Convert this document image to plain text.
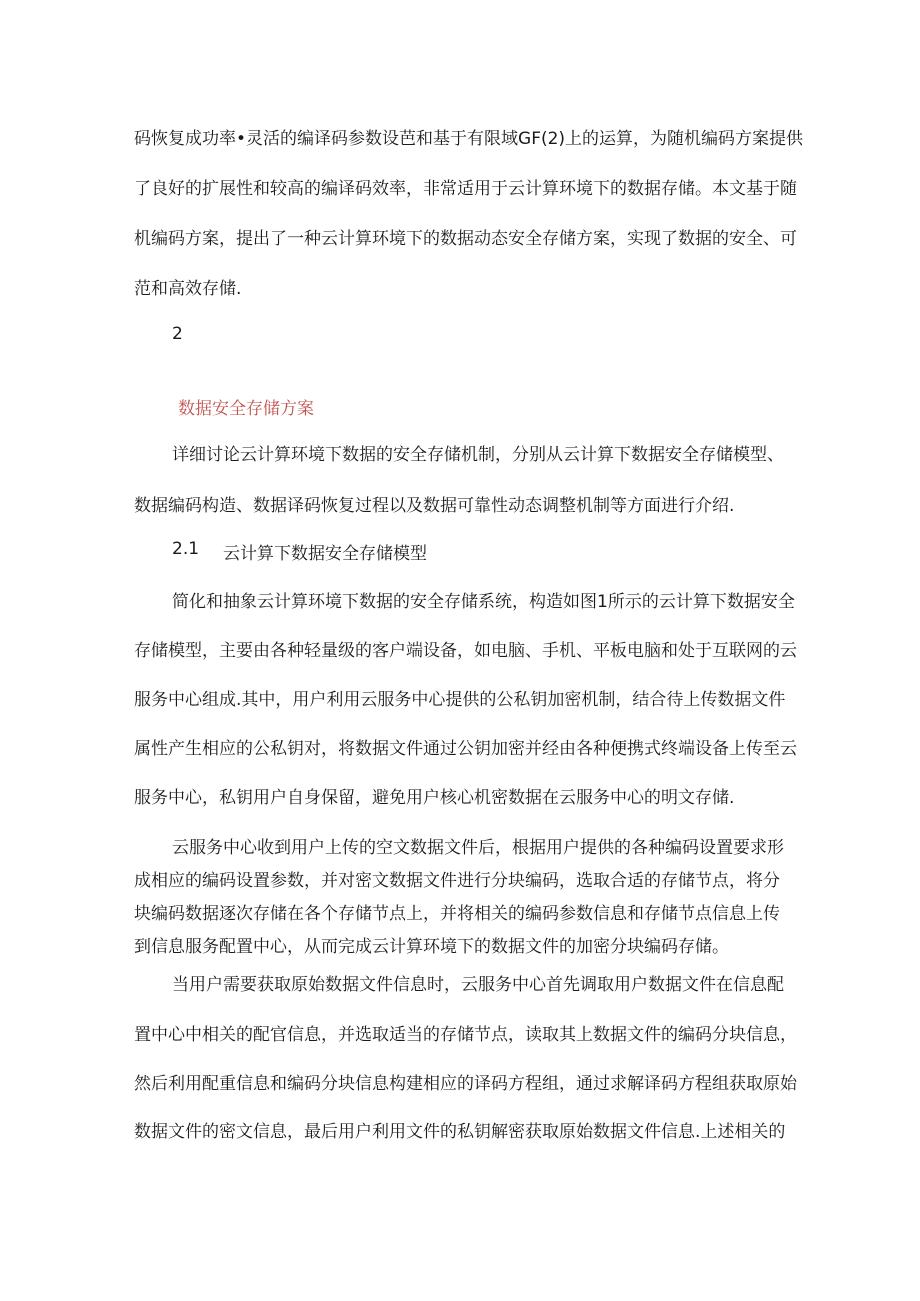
码恢复成功率•灵活的编译码参数设芭和基于有限域GF(2)上的运算，为随机编码方案提供
了良好的扩展性和较高的编译码效率，非常适用于云计算环境下的数据存储。本文基于随
机编码方案，提出了一种云计算环境下的数据动态安全存储方案，实现了数据的安全、可
范和高效存储.
2
数据安全存储方案
详细讨论云计算环境下数据的安全存储机制，分别从云计算下数据安全存储模型、
数据编码构造、数据译码恢复过程以及数据可靠性动态调整机制等方面进行介绍.
2.1 云计算下数据安全存储模型
简化和抽象云计算环境下数据的安全存储系统，构造如图1所示的云计算下数据安全
存储模型，主要由各种轻量级的客户端设备，如电脑、手机、平板电脑和处于互联网的云
服务中心组成.其中，用户利用云服务中心提供的公私钥加密机制，结合待上传数据文件
属性产生相应的公私钥对，将数据文件通过公钥加密并经由各种便携式终端设备上传至云
服务中心，私钥用户自身保留，避免用户核心机密数据在云服务中心的明文存储.
云服务中心收到用户上传的空文数据文件后，根据用户提供的各种编码设置要求形
成相应的编码设置参数，并对密文数据文件进行分块编码，选取合适的存储节点，将分
块编码数据逐次存储在各个存储节点上，并将相关的编码参数信息和存储节点信息上传
到信息服务配置中心，从而完成云计算环境下的数据文件的加密分块编码存储。
当用户需要获取原始数据文件信息时，云服务中心首先调取用户数据文件在信息配
置中心中相关的配官信息，并选取适当的存储节点，读取其上数据文件的编码分块信息，
然后利用配重信息和编码分块信息构建相应的译码方程组，通过求解译码方程组获取原始
数据文件的密文信息，最后用户利用文件的私钥解密获取原始数据文件信息.上述相关的
